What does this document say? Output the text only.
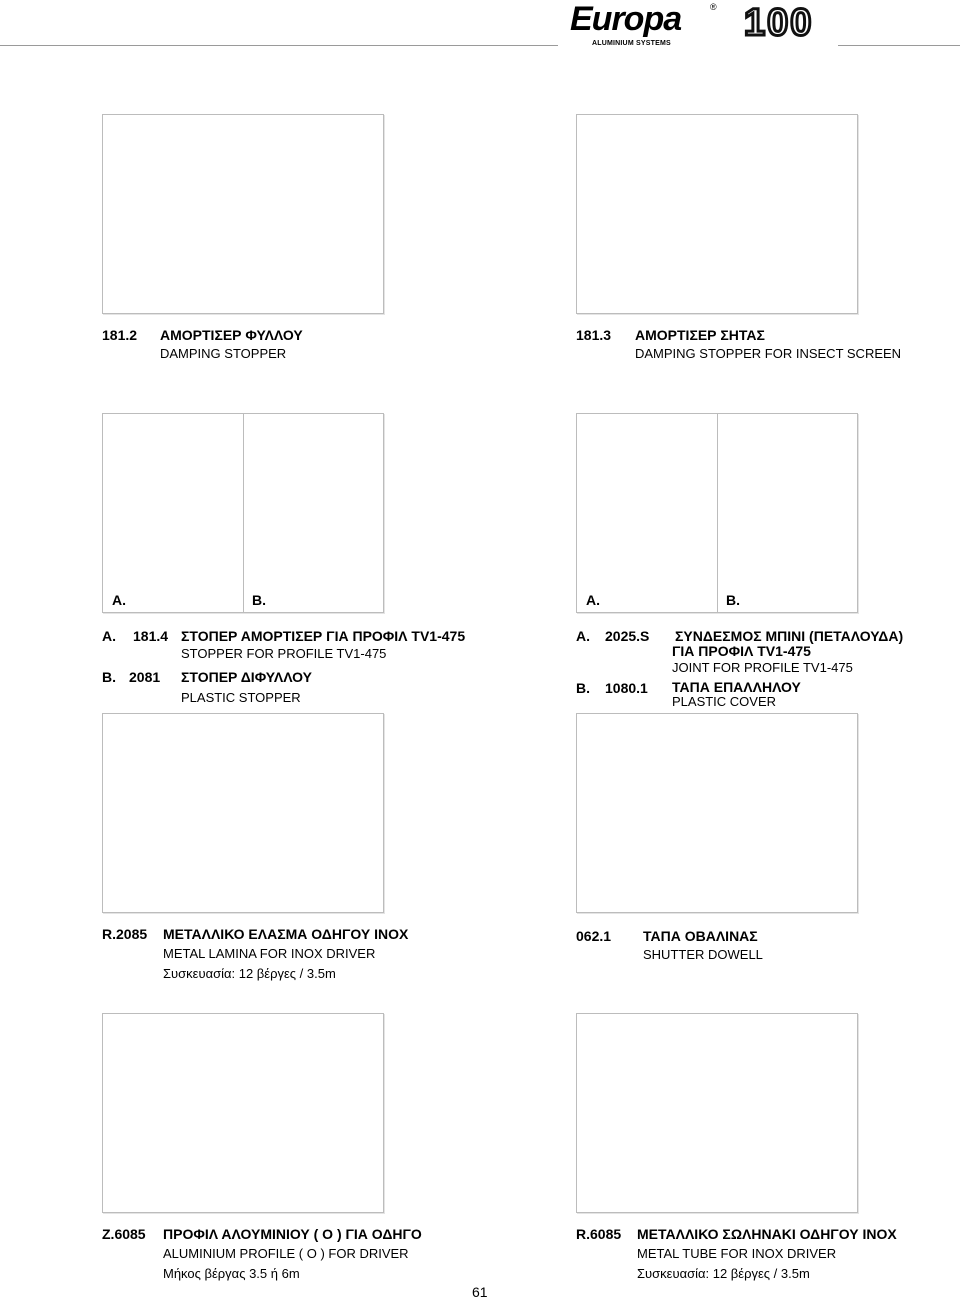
Europa	®
ALUMINIUM SYSTEMS 100
181.2 ΑΜΟΡΤΙΣΕΡ ΦΥΛΛΟΥ
DAMPING STOPPER
181.3 ΑΜΟΡΤΙΣΕΡ ΣΗΤΑΣ
DAMPING STOPPER FOR INSECT SCREEN
A.	B.	A.	B.
A. 181.4 ΣΤΟΠΕΡ ΑΜΟΡΤΙΣΕΡ ΓΙΑ ΠΡΟΦΙΛ TV1-475
STOPPER FOR PROFILE TV1-475
B. 2081 ΣΤΟΠΕΡ ΔΙΦΥΛΛΟΥ
PLASTIC STOPPER
A. 2025.S ΣΥΝΔΕΣΜΟΣ ΜΠΙΝΙ (ΠΕΤΑΛΟΥΔΑ)
ΓΙΑ ΠΡΟΦΙΛ TV1-475
JOINT FOR PROFILE TV1-475
B. 1080.1 ΤΑΠΑ ΕΠΑΛΛΗΛΟΥ
PLASTIC COVER
R.2085 ΜΕΤΑΛΛΙΚΟ ΕΛΑΣΜΑ ΟΔΗΓΟΥ INOX
METAL LAMINA FOR INOX DRIVER
Συσκευασία: 12 βέργες / 3.5m
062.1 ΤΑΠΑ ΟΒΑΛΙΝΑΣ
SHUTTER DOWELL
Z.6085 ΠΡΟΦΙΛ ΑΛΟΥΜΙΝΙΟΥ ( Ο ) ΓΙΑ ΟΔΗΓΟ
ALUMINIUM PROFILE ( O ) FOR DRIVER
Μήκος βέργας 3.5 ή 6m
R.6085 ΜΕΤΑΛΛΙΚΟ ΣΩΛΗΝΑΚΙ ΟΔΗΓΟΥ INOX
METAL TUBE FOR INOX DRIVER
Συσκευασία: 12 βέργες / 3.5m
61
